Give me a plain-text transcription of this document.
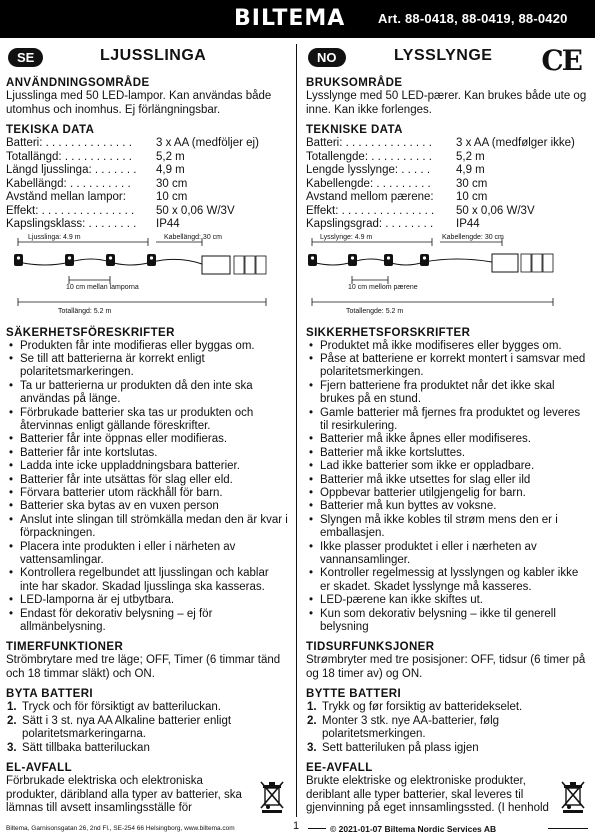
BILTEMA	Art. 88-0418, 88-0419, 88-0420
SE	LJUSSLINGA
ANVÄNDNINGSOMRÅDE

Ljusslinga med 50 LED-lampor. Kan användas både utomhus och inomhus. Ej förlängningsbar.

TEKISKA DATA
Batteri: . . . . . . . . . . . . . .	3 x AA (medföljer ej)
Totallängd: . . . . . . . . . . .	5,2 m
Längd ljusslinga: . . . . . . .	4,9 m
Kabellängd: . . . . . . . . . .	30 cm
Avstånd mellan lampor:	10 cm
Effekt: . . . . . . . . . . . . . . .	50 x 0,06 W/3V
Kapslingsklass: . . . . . . . .	IP44
Ljusslinga: 4.9 m	Kabellängd: 30 cm
10 cm mellan lamporna
Totallängd: 5.2 m
SÄKERHETSFÖRESKRIFTER
• Produkten får inte modifieras eller byggas om.
• Se till att batterierna är korrekt enligt polaritetsmarkeringen.
• Ta ur batterierna ur produkten då den inte ska användas på länge.
• Förbrukade batterier ska tas ur produkten och återvinnas enligt gällande föreskrifter.
• Batterier får inte öppnas eller modifieras.
• Batterier får inte kortslutas.
• Ladda inte icke uppladdningsbara batterier.
• Batterier får inte utsättas för slag eller eld.
• Förvara batterier utom räckhåll för barn.
• Batterier ska bytas av en vuxen person
• Anslut inte slingan till strömkälla medan den är kvar i förpackningen.
• Placera inte produkten i eller i närheten av vattensamlingar.
• Kontrollera regelbundet att ljusslingan och kablar inte har skador. Skadad ljusslinga ska kasseras.
• LED-lamporna är ej utbytbara.
• Endast för dekorativ belysning – ej för allmänbelysning.
TIMERFUNKTIONER

Strömbrytare med tre läge; OFF, Timer (6 timmar tänd och 18 timmar släkt) och ON.

BYTA BATTERI
1. Tryck och för försiktigt av batteriluckan.
2. Sätt i 3 st. nya AA Alkaline batterier enligt polaritetsmarkeringarna.
3. Sätt tillbaka batteriluckan
EL-AVFALL

Förbrukade elektriska och elektroniska produkter, däribland alla typer av batterier, ska lämnas till avsett insamlingsställe för

NO	LYSSLYNGE CE
BRUKSOMRÅDE

Lysslynge med 50 LED-pærer. Kan brukes både ute og inne. Kan ikke forlenges.

TEKNISKE DATA
Batteri: . . . . . . . . . . . . . .	3 x AA (medfølger ikke)
Totallengde: . . . . . . . . . .	5,2 m
Lengde lysslynge: . . . . .	4,9 m
Kabellengde: . . . . . . . . .	30 cm
Avstand mellom pærene:	10 cm
Effekt: . . . . . . . . . . . . . . .	50 x 0,06 W/3V
Kapslingsgrad: . . . . . . . .	IP44
Lysslynge: 4.9 m	Kabellengde: 30 cm
10 cm mellom pærene
Totallengde: 5.2 m
SIKKERHETSFORSKRIFTER
• Produktet må ikke modifiseres eller bygges om.
• Påse at batteriene er korrekt montert i samsvar med polaritetsmerkingen.
• Fjern batteriene fra produktet når det ikke skal brukes på en stund.
• Gamle batterier må fjernes fra produktet og leveres til resirkulering.
• Batterier må ikke åpnes eller modifiseres.
• Batterier må ikke kortsluttes.
• Lad ikke batterier som ikke er oppladbare.
• Batterier må ikke utsettes for slag eller ild
• Oppbevar batterier utilgjengelig for barn.
• Batterier må kun byttes av voksne.
• Slyngen må ikke kobles til strøm mens den er i emballasjen.
• Ikke plasser produktet i eller i nærheten av vannansamlinger.
• Kontroller regelmessig at lysslyngen og kabler ikke er skadet. Skadet lysslynge må kasseres.
• LED-pærene kan ikke skiftes ut.
• Kun som dekorativ belysning – ikke til generell belysning
TIDSURFUNKSJONER

Strømbryter med tre posisjoner: OFF, tidsur (6 timer på og 18 timer av) og ON.

BYTTE BATTERI
1. Trykk og før forsiktig av batteridekselet.
2. Monter 3 stk. nye AA-batterier, følg polaritetsmerkingen.
3. Sett batteriluken på plass igjen
EE-AVFALL

Brukte elektriske og elektroniske produkter, deriblant alle typer batterier, skal leveres til gjenvinning på eget innsamlingssted. (I henhold

Biltema, Garnisonsgatan 26, 2nd Fl., SE-254 66 Helsingborg, www.biltema.com	1	© 2021-01-07 Biltema Nordic Services AB
